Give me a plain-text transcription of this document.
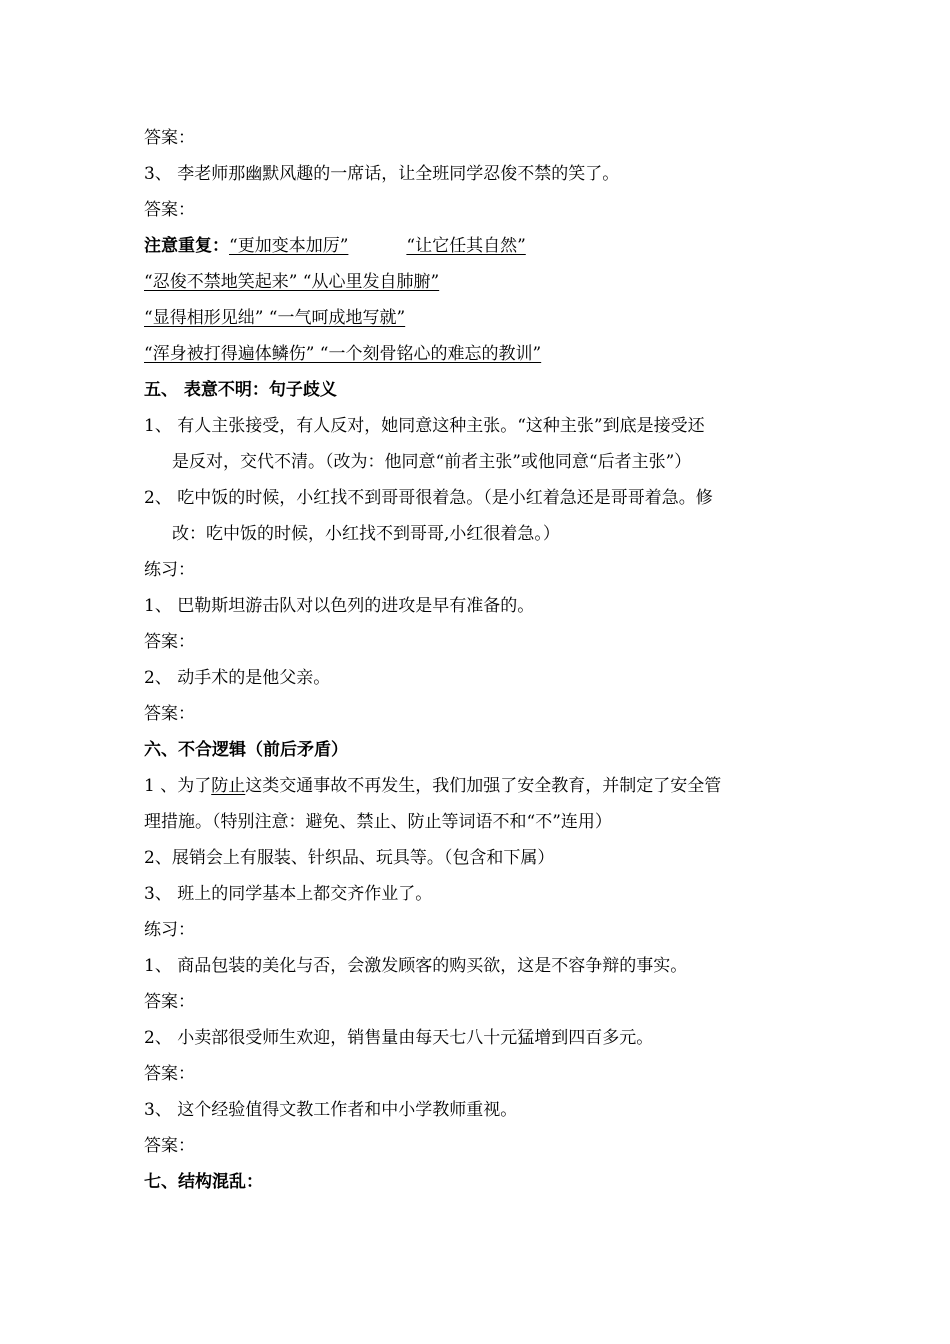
答案：
3、 李老师那幽默风趣的一席话，让全班同学忍俊不禁的笑了。
答案：
注意重复：“更加变本加厉”	“让它任其自然”
“忍俊不禁地笑起来” “从心里发自肺腑”
“显得相形见绌” “一气呵成地写就”
“浑身被打得遍体鳞伤” “一个刻骨铭心的难忘的教训”
五、 表意不明：句子歧义
1、 有人主张接受，有人反对，她同意这种主张。“这种主张”到底是接受还
是反对，交代不清。（改为：他同意“前者主张”或他同意“后者主张”）
2、 吃中饭的时候，小红找不到哥哥很着急。（是小红着急还是哥哥着急。修
改：吃中饭的时候，小红找不到哥哥,小红很着急。）
练习：
1、 巴勒斯坦游击队对以色列的进攻是早有准备的。
答案：
2、 动手术的是他父亲。
答案：
六、不合逻辑（前后矛盾）
1 、为了防止这类交通事故不再发生，我们加强了安全教育，并制定了安全管
理措施。（特别注意：避免、禁止、防止等词语不和“不”连用）
2、展销会上有服装、针织品、玩具等。（包含和下属）
3、 班上的同学基本上都交齐作业了。
练习：
1、 商品包装的美化与否，会激发顾客的购买欲，这是不容争辩的事实。
答案：
2、 小卖部很受师生欢迎，销售量由每天七八十元猛增到四百多元。
答案：
3、 这个经验值得文教工作者和中小学教师重视。
答案：
七、结构混乱：
